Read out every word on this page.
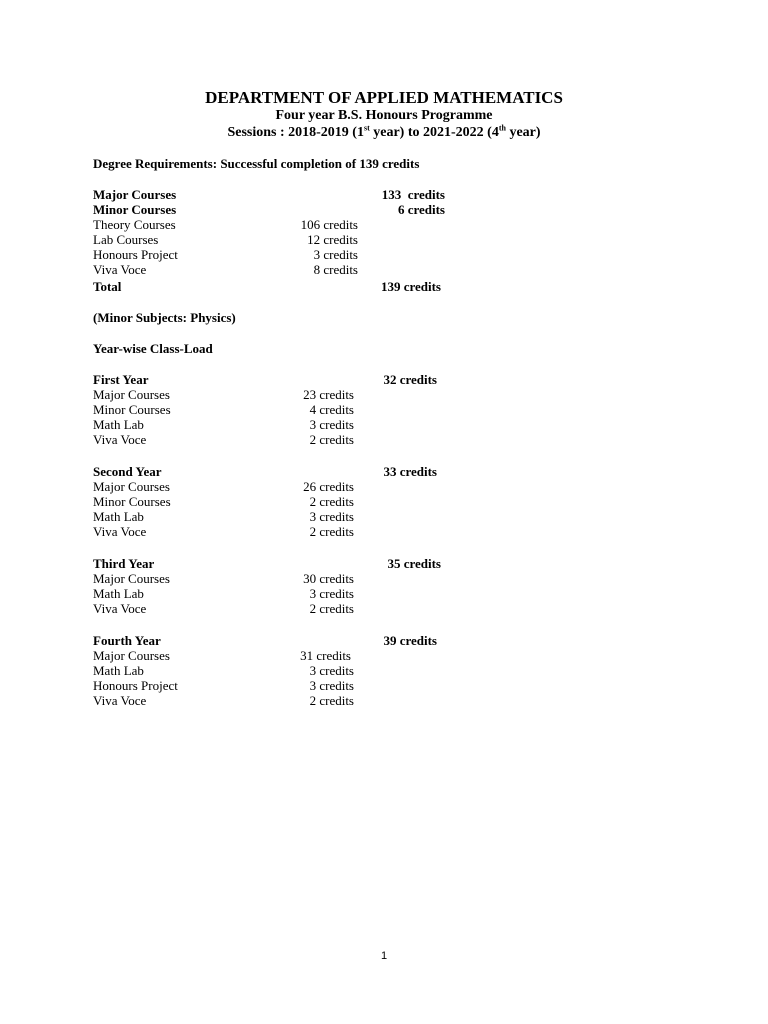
DEPARTMENT OF APPLIED MATHEMATICS
Four year B.S. Honours Programme
Sessions : 2018-2019 (1st year) to 2021-2022 (4th year)
Degree Requirements: Successful completion of 139 credits
Major Courses	133  credits
Minor Courses	6 credits
Theory Courses	106 credits
Lab Courses	12 credits
Honours Project	3 credits
Viva Voce	8 credits
Total	139 credits
(Minor Subjects: Physics)
Year-wise Class-Load
First Year	32 credits
Major Courses	23 credits
Minor Courses	4 credits
Math Lab	3 credits
Viva Voce	2 credits
Second Year	33 credits
Major Courses	26 credits
Minor Courses	2 credits
Math Lab	3 credits
Viva Voce	2 credits
Third Year	35 credits
Major Courses	30 credits
Math Lab	3 credits
Viva Voce	2 credits
Fourth Year	39 credits
Major Courses	31 credits
Math Lab	3 credits
Honours Project	3 credits
Viva Voce	2 credits
1
